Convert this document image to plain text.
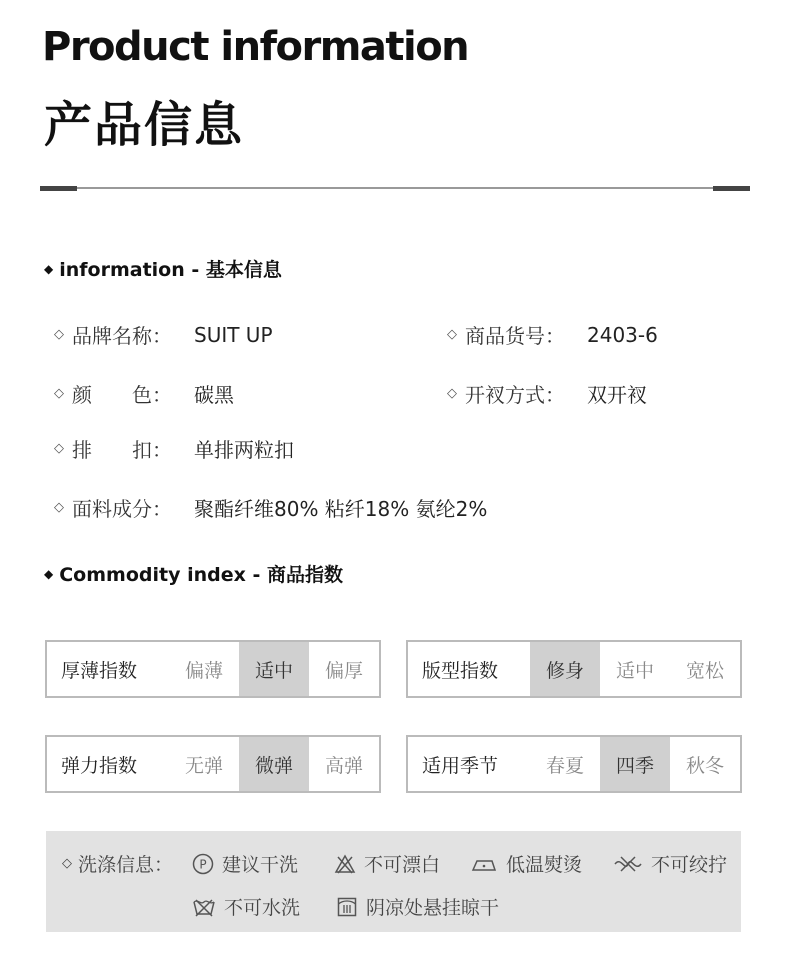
Product information
产品信息
◆ information - 基本信息
◇ 品牌名称：	SUIT UP	◇ 商品货号：	2403-6
◇ 颜　　色：	碳黑	◇ 开衩方式：	双开衩
◇ 排　　扣：	单排两粒扣
◇ 面料成分：	聚酯纤维80% 粘纤18% 氨纶2%
◆ Commodity index - 商品指数
厚薄指数	偏薄	适中	偏厚	版型指数	修身	适中	宽松
弹力指数	无弹	微弹	高弹	适用季节	春夏	四季	秋冬
◇ 洗涤信息： P 建议干洗	不可漂白	低温熨烫	不可绞拧
不可水洗	阴凉处悬挂晾干
